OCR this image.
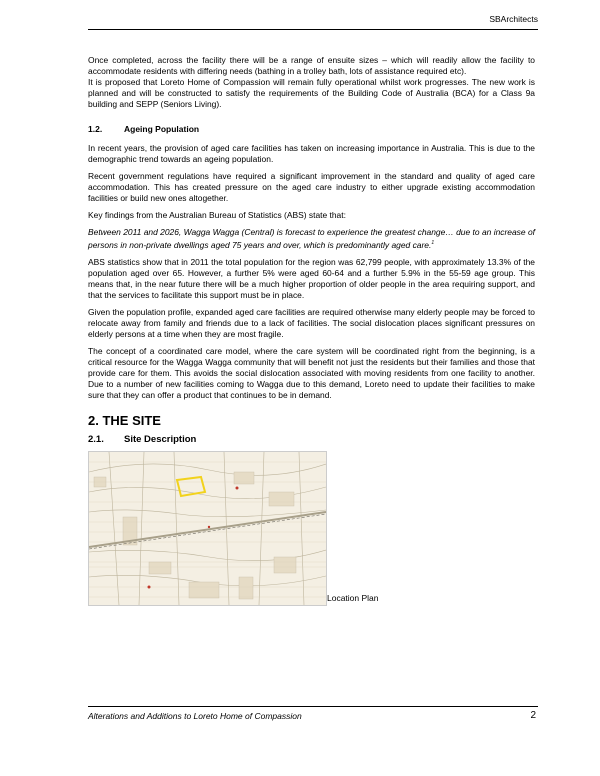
SBArchitects

Once completed, across the facility there will be a range of ensuite sizes – which will readily allow the facility to accommodate residents with differing needs (bathing in a trolley bath, lots of assistance required etc).

It is proposed that Loreto Home of Compassion will remain fully operational whilst work progresses. The new work is planned and will be constructed to satisfy the requirements of the Building Code of Australia (BCA) for a Class 9a building and SEPP (Seniors Living).

1.2.	Ageing Population

In recent years, the provision of aged care facilities has taken on increasing importance in Australia. This is due to the demographic trend towards an ageing population.

Recent government regulations have required a significant improvement in the standard and quality of aged care accommodation. This has created pressure on the aged care industry to either upgrade existing accommodation facilities or build new ones altogether.

Key findings from the Australian Bureau of Statistics (ABS) state that:

Between 2011 and 2026, Wagga Wagga (Central) is forecast to experience the greatest change… due to an increase of persons in non-private dwellings aged 75 years and over, which is predominantly aged care.$^1$

ABS statistics show that in 2011 the total population for the region was 62,799 people, with approximately 13.3% of the population aged over 65. However, a further 5% were aged 60-64 and a further 5.9% in the 55-59 age group. This means that, in the near future there will be a much higher proportion of older people in the area requiring support, and that the services to facilitate this support must be in place.

Given the population profile, expanded aged care facilities are required otherwise many elderly people may be forced to relocate away from family and friends due to a lack of facilities. The social dislocation places significant pressures on elderly persons at a time when they are most fragile.

The concept of a coordinated care model, where the care system will be coordinated right from the beginning, is a critical resource for the Wagga Wagga community that will benefit not just the residents but their families and those that provide care for them. This avoids the social dislocation associated with moving residents from one facility to another. Due to a number of new facilities coming to Wagga due to this demand, Loreto need to update their facilities to make sure that they can offer a product that continues to be in demand.

2. THE SITE
2.1. Site Description
Location Plan
Alterations and Additions to Loreto Home of Compassion	2
